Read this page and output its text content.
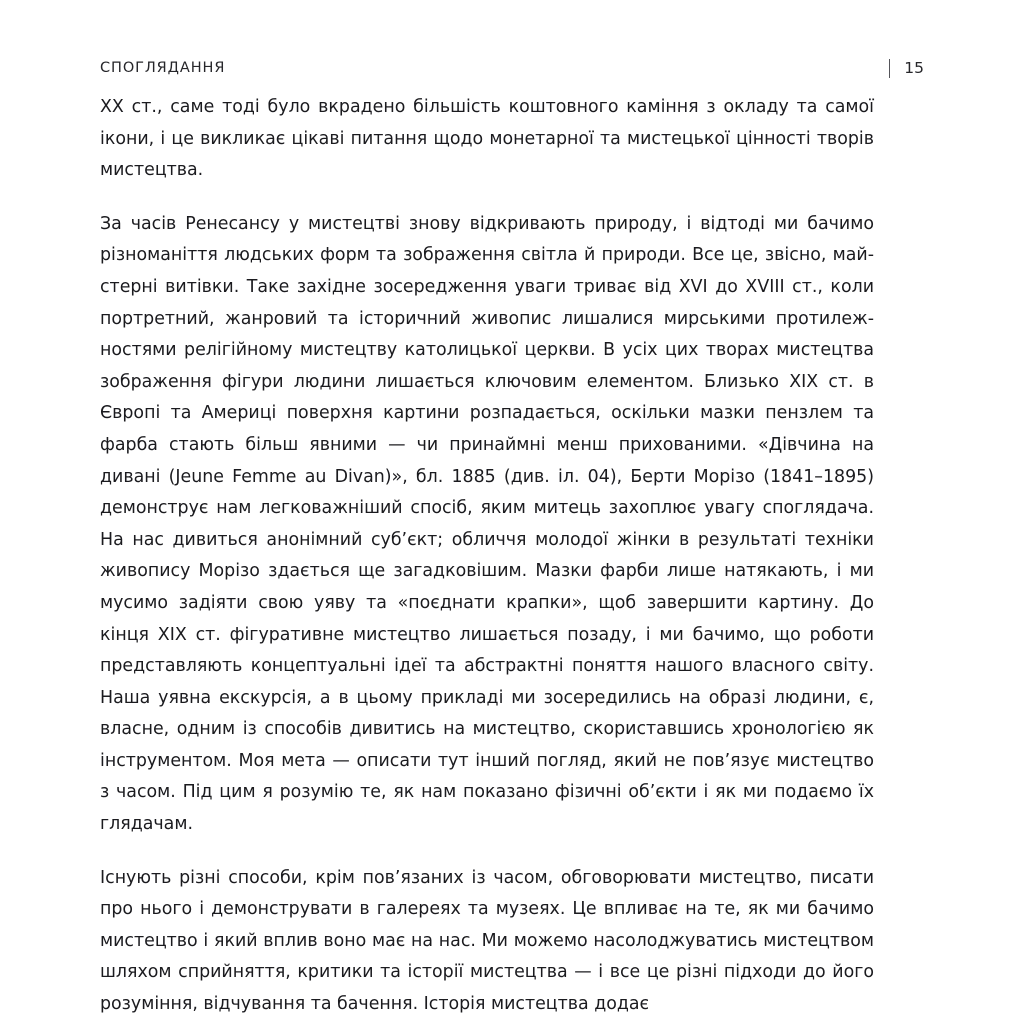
СПОГЛЯДАННЯ	15

XX ст., саме тоді було вкрадено більшість коштовного каміння з окладу та самої ікони, і це викликає цікаві питання щодо монетарної та мистецької цінності творів мистецтва.

За часів Ренесансу у мистецтві знову відкривають природу, і відтоді ми бачимо різноманіття людських форм та зображення світла й природи. Все це, звісно, майстерні витівки. Таке західне зосередження уваги триває від XVI до XVIII ст., коли портретний, жанровий та історичний живопис лишалися мирськими протилежностями релігійному мистецтву католицької церкви. В усіх цих творах мистецтва зображення фігури людини лишається ключовим елементом. Близько XIX ст. в Європі та Америці поверхня картини розпадається, оскільки мазки пензлем та фарба стають більш явними — чи принаймні менш прихованими. «Дівчина на дивані (Jeune Femme au Divan)», бл. 1885 (див. іл. 04), Берти Морізо (1841–1895) демонструє нам легковажніший спосіб, яким митець захоплює увагу споглядача. На нас дивиться анонімний суб’єкт; обличчя молодої жінки в результаті техніки живопису Морізо здається ще загадковішим. Мазки фарби лише натякають, і ми мусимо задіяти свою уяву та «поєднати крапки», щоб завершити картину. До кінця XIX ст. фігуративне мистецтво лишається позаду, і ми бачимо, що роботи представляють концептуальні ідеї та абстрактні поняття нашого власного світу. Наша уявна екскурсія, а в цьому прикладі ми зосередились на образі людини, є, власне, одним із способів дивитись на мистецтво, скориставшись хронологією як інструментом. Моя мета — описати тут інший погляд, який не пов’язує мистецтво з часом. Під цим я розумію те, як нам показано фізичні об’єкти і як ми подаємо їх глядачам.

Існують різні способи, крім пов’язаних із часом, обговорювати мистецтво, писати про нього і демонструвати в галереях та музеях. Це впливає на те, як ми бачимо мистецтво і який вплив воно має на нас. Ми можемо насолоджуватись мистецтвом шляхом сприйняття, критики та історії мистецтва — і все це різні підходи до його розуміння, відчування та бачення. Історія мистецтва додає
